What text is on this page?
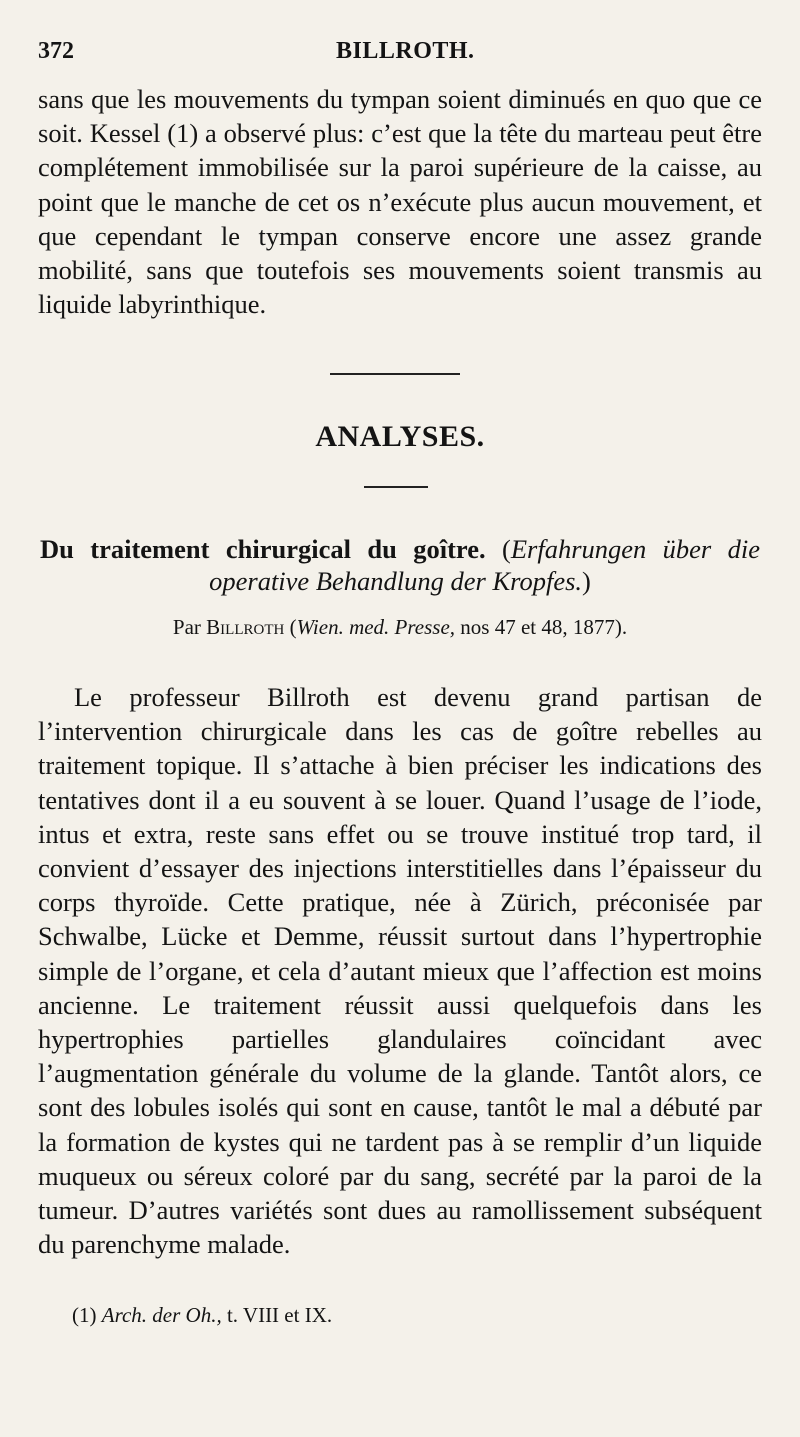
372	BILLROTH.

sans que les mouvements du tympan soient diminués en quo que ce soit. Kessel (1) a observé plus: c’est que la tête du marteau peut être complétement immobilisée sur la paroi supérieure de la caisse, au point que le manche de cet os n’exécute plus aucun mouvement, et que cependant le tympan conserve encore une assez grande mobilité, sans que toutefois ses mouvements soient transmis au liquide labyrinthique.

ANALYSES.

Du traitement chirurgical du goître. (Erfahrungen über die operative Behandlung der Kropfes.)

Par Billroth (Wien. med. Presse, nos 47 et 48, 1877).

Le professeur Billroth est devenu grand partisan de l’intervention chirurgicale dans les cas de goître rebelles au traitement topique. Il s’attache à bien préciser les indications des tentatives dont il a eu souvent à se louer. Quand l’usage de l’iode, intus et extra, reste sans effet ou se trouve institué trop tard, il convient d’essayer des injections interstitielles dans l’épaisseur du corps thyroïde. Cette pratique, née à Zürich, préconisée par Schwalbe, Lücke et Demme, réussit surtout dans l’hypertrophie simple de l’organe, et cela d’autant mieux que l’affection est moins ancienne. Le traitement réussit aussi quelquefois dans les hypertrophies partielles glandulaires coïncidant avec l’augmentation générale du volume de la glande. Tantôt alors, ce sont des lobules isolés qui sont en cause, tantôt le mal a débuté par la formation de kystes qui ne tardent pas à se remplir d’un liquide muqueux ou séreux coloré par du sang, secrété par la paroi de la tumeur. D’autres variétés sont dues au ramollissement subséquent du parenchyme malade.

(1) Arch. der Oh., t. VIII et IX.
